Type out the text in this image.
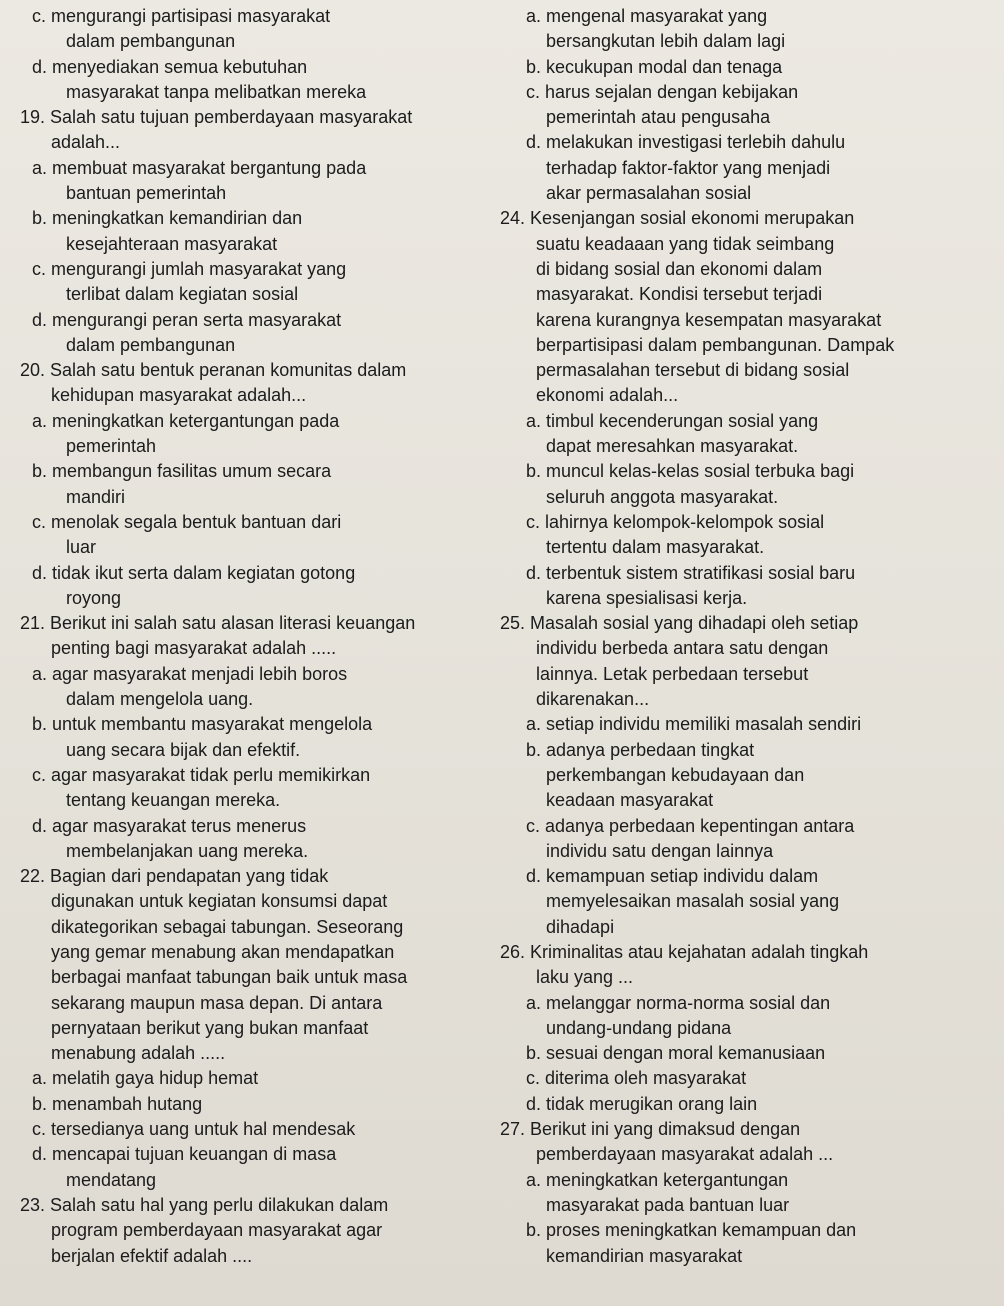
c. mengurangi partisipasi masyarakat

dalam pembangunan

d. menyediakan semua kebutuhan

masyarakat tanpa melibatkan mereka

19. Salah satu tujuan pemberdayaan masyarakat

adalah...

a. membuat masyarakat bergantung pada

bantuan pemerintah

b. meningkatkan kemandirian dan

kesejahteraan masyarakat

c. mengurangi jumlah masyarakat yang

terlibat dalam kegiatan sosial

d. mengurangi peran serta masyarakat

dalam pembangunan

20. Salah satu bentuk peranan komunitas dalam

kehidupan masyarakat adalah...

a. meningkatkan ketergantungan pada

pemerintah

b. membangun fasilitas umum secara

mandiri

c. menolak segala bentuk bantuan dari

luar

d. tidak ikut serta dalam kegiatan gotong

royong

21. Berikut ini salah satu alasan literasi keuangan

penting bagi masyarakat adalah .....

a. agar masyarakat menjadi lebih boros

dalam mengelola uang.

b. untuk membantu masyarakat mengelola

uang secara bijak dan efektif.

c. agar masyarakat tidak perlu memikirkan

tentang keuangan mereka.

d. agar masyarakat terus menerus

membelanjakan uang mereka.

22. Bagian dari pendapatan yang tidak

digunakan untuk kegiatan konsumsi dapat

dikategorikan sebagai tabungan. Seseorang

yang gemar menabung akan mendapatkan

berbagai manfaat tabungan baik untuk masa

sekarang maupun masa depan. Di antara

pernyataan berikut yang bukan manfaat

menabung adalah .....

a. melatih gaya hidup hemat

b. menambah hutang

c. tersedianya uang untuk hal mendesak

d. mencapai tujuan keuangan di masa

mendatang

23. Salah satu hal yang perlu dilakukan dalam

program pemberdayaan masyarakat agar

berjalan efektif adalah ....

a. mengenal masyarakat yang

bersangkutan lebih dalam lagi

b. kecukupan modal dan tenaga

c. harus sejalan dengan kebijakan

pemerintah atau pengusaha

d. melakukan investigasi terlebih dahulu

terhadap faktor-faktor yang menjadi

akar permasalahan sosial

24. Kesenjangan sosial ekonomi merupakan

suatu keadaaan yang tidak seimbang

di bidang sosial dan ekonomi dalam

masyarakat. Kondisi tersebut terjadi

karena kurangnya kesempatan masyarakat

berpartisipasi dalam pembangunan. Dampak

permasalahan tersebut di bidang sosial

ekonomi adalah...

a. timbul kecenderungan sosial yang

dapat meresahkan masyarakat.

b. muncul kelas-kelas sosial terbuka bagi

seluruh anggota masyarakat.

c. lahirnya kelompok-kelompok sosial

tertentu dalam masyarakat.

d. terbentuk sistem stratifikasi sosial baru

karena spesialisasi kerja.

25. Masalah sosial yang dihadapi oleh setiap

individu berbeda antara satu dengan

lainnya. Letak perbedaan tersebut

dikarenakan...

a. setiap individu memiliki masalah sendiri

b. adanya perbedaan tingkat

perkembangan kebudayaan dan

keadaan masyarakat

c. adanya perbedaan kepentingan antara

individu satu dengan lainnya

d. kemampuan setiap individu dalam

memyelesaikan masalah sosial yang

dihadapi

26. Kriminalitas atau kejahatan adalah tingkah

laku yang ...

a. melanggar norma-norma sosial dan

undang-undang pidana

b. sesuai dengan moral kemanusiaan

c. diterima oleh masyarakat

d. tidak merugikan orang lain

27. Berikut ini yang dimaksud dengan

pemberdayaan masyarakat adalah ...

a. meningkatkan ketergantungan

masyarakat pada bantuan luar

b. proses meningkatkan kemampuan dan

kemandirian masyarakat
